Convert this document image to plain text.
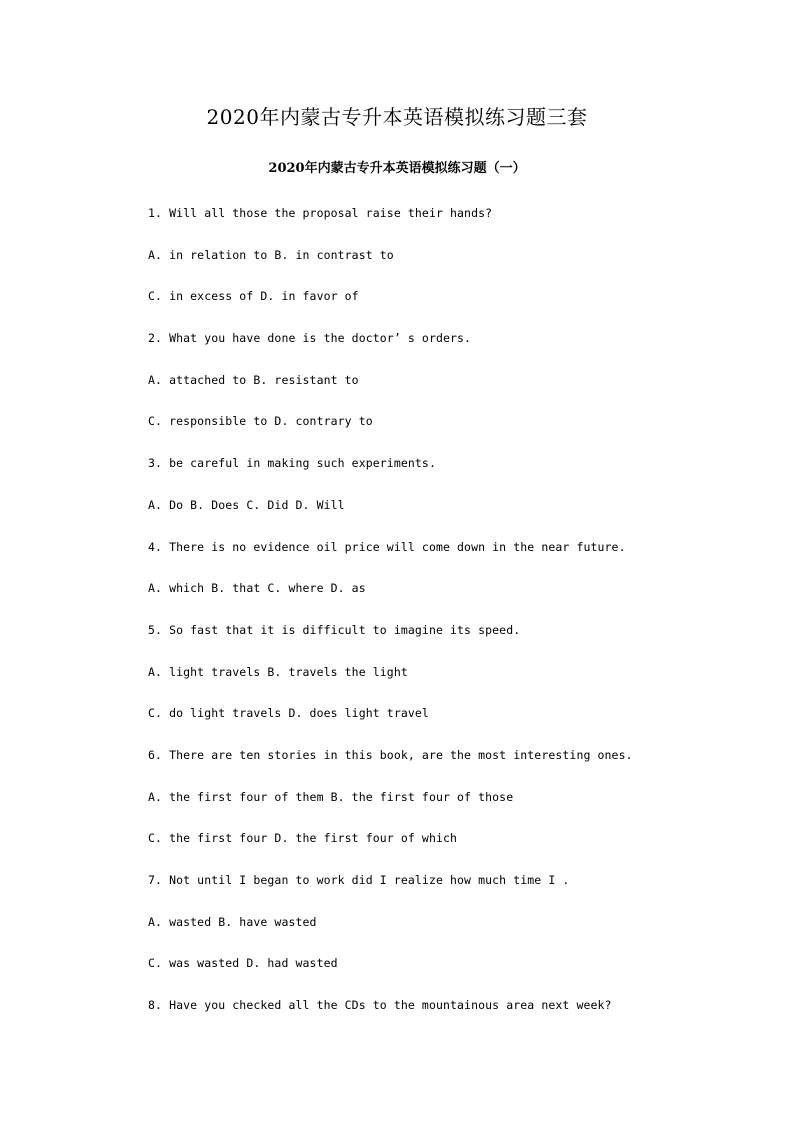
2020年内蒙古专升本英语模拟练习题三套
2020年内蒙古专升本英语模拟练习题（一）
1. Will all those the proposal raise their hands?
A. in relation to B. in contrast to
C. in excess of D. in favor of
2. What you have done is the doctor’ s orders.
A. attached to B. resistant to
C. responsible to D. contrary to
3. be careful in making such experiments.
A. Do B. Does C. Did D. Will
4. There is no evidence oil price will come down in the near future.
A. which B. that C. where D. as
5. So fast that it is difficult to imagine its speed.
A. light travels B. travels the light
C. do light travels D. does light travel
6. There are ten stories in this book, are the most interesting ones.
A. the first four of them B. the first four of those
C. the first four D. the first four of which
7. Not until I began to work did I realize how much time I .
A. wasted B. have wasted
C. was wasted D. had wasted
8. Have you checked all the CDs to the mountainous area next week?
